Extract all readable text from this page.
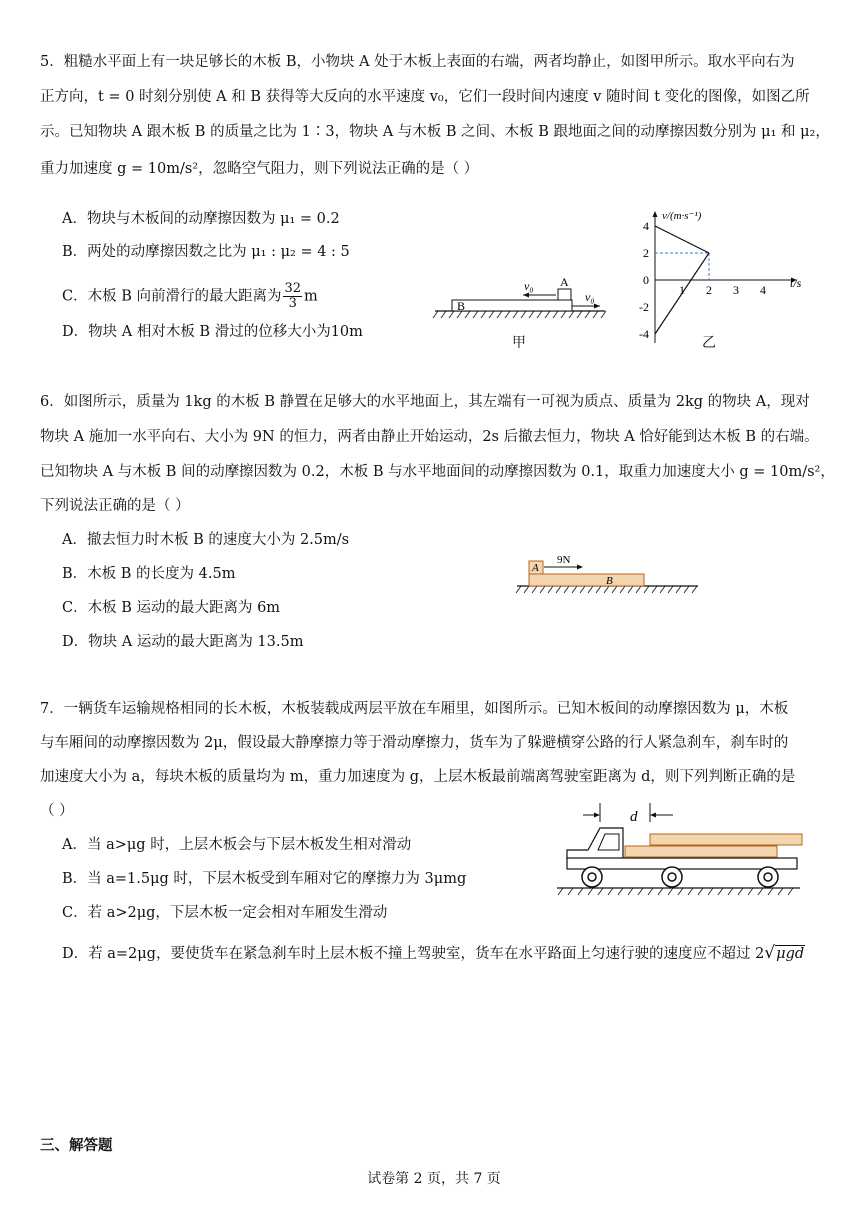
5．粗糙水平面上有一块足够长的木板 B，小物块 A 处于木板上表面的右端，两者均静止，如图甲所示。取水平向右为
正方向，t = 0 时刻分别使 A 和 B 获得等大反向的水平速度 v₀，它们一段时间内速度 v 随时间 t 变化的图像，如图乙所
示。已知物块 A 跟木板 B 的质量之比为 1∶3，物块 A 与木板 B 之间、木板 B 跟地面之间的动摩擦因数分别为 μ₁ 和 μ₂，
重力加速度 g = 10m/s²，忽略空气阻力，则下列说法正确的是（ ）
A．物块与木板间的动摩擦因数为 μ₁ = 0.2
B．两处的动摩擦因数之比为 μ₁ : μ₂ = 4 : 5
C．木板 B 向前滑行的最大距离为 $\frac{32}{3}$ m
D．物块 A 相对木板 B 滑过的位移大小为10m
B
A
v₀
v₀
甲
v/(m·s⁻¹)
t/s
4
2
0
-2
-4
1 2 3 4
乙
6．如图所示，质量为 1kg 的木板 B 静置在足够大的水平地面上，其左端有一可视为质点、质量为 2kg 的物块 A，现对
物块 A 施加一水平向右、大小为 9N 的恒力，两者由静止开始运动，2s 后撤去恒力，物块 A 恰好能到达木板 B 的右端。
已知物块 A 与木板 B 间的动摩擦因数为 0.2，木板 B 与水平地面间的动摩擦因数为 0.1，取重力加速度大小 g = 10m/s²，
下列说法正确的是（ ）
A．撤去恒力时木板 B 的速度大小为 2.5m/s
B．木板 B 的长度为 4.5m
C．木板 B 运动的最大距离为 6m
D．物块 A 运动的最大距离为 13.5m
B
A
9N
7．一辆货车运输规格相同的长木板，木板装载成两层平放在车厢里，如图所示。已知木板间的动摩擦因数为 μ，木板
与车厢间的动摩擦因数为 2μ，假设最大静摩擦力等于滑动摩擦力，货车为了躲避横穿公路的行人紧急刹车，刹车时的
加速度大小为 a，每块木板的质量均为 m，重力加速度为 g，上层木板最前端离驾驶室距离为 d，则下列判断正确的是
（ ）
A．当 a>μg 时，上层木板会与下层木板发生相对滑动
B．当 a=1.5μg 时，下层木板受到车厢对它的摩擦力为 3μmg
C．若 a>2μg，下层木板一定会相对车厢发生滑动
D．若 a=2μg，要使货车在紧急刹车时上层木板不撞上驾驶室，货车在水平路面上匀速行驶的速度应不超过 2√μgd
d
三、解答题
试卷第 2 页，共 7 页
